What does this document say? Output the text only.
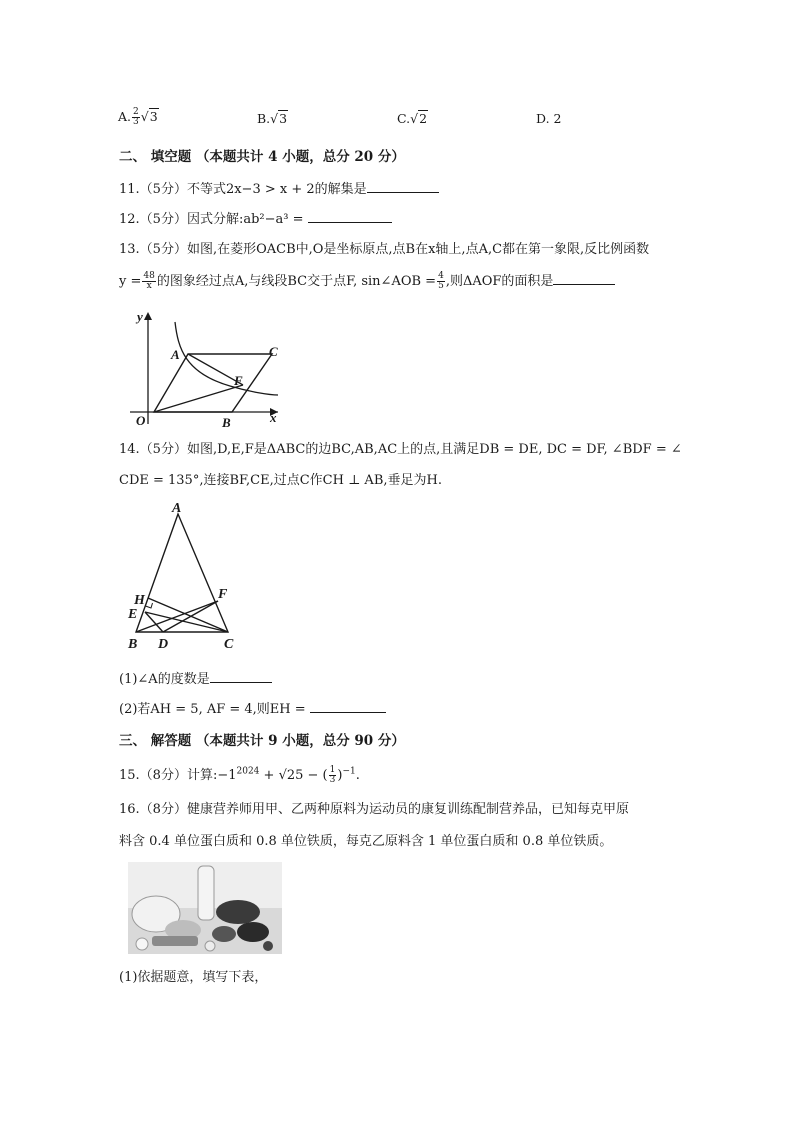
A. $\frac{2}{3} √3$	B.√3	C.√2	D. 2
二、 填空题 （本题共计 4 小题，总分 20 分）
11.（5分）不等式2x−3 > x + 2的解集是
12.（5分）因式分解:ab²−a³ =
13.（5分）如图,在菱形OACB中,O是坐标原点,点B在x轴上,点A,C都在第一象限,反比例函数
$y = \frac{48}{x}$ 的图象经过点A,与线段BC交于点F, sin∠AOB = $\frac{4}{5}$ ,则ΔAOF的面积是
y
x
O
A
B
C
F
14.（5分）如图,D,E,F是ΔABC的边BC,AB,AC上的点,且满足DB = DE, DC = DF, ∠BDF = ∠
CDE = 135°,连接BF,CE,过点C作CH ⊥ AB,垂足为H.
A
H
E
F
B D	C
(1)∠A的度数是
(2)若AH = 5, AF = 4,则EH =
三、 解答题 （本题共计 9 小题，总分 90 分）
15.（8分）计算$:-1^{2024} + √25$ − ( $\frac{1}{3} )^{-1}$.
16.（8分）健康营养师用甲、乙两种原料为运动员的康复训练配制营养品，已知每克甲原
料含 0.4 单位蛋白质和 0.8 单位铁质，每克乙原料含 1 单位蛋白质和 0.8 单位铁质。
(1)依据题意，填写下表，
